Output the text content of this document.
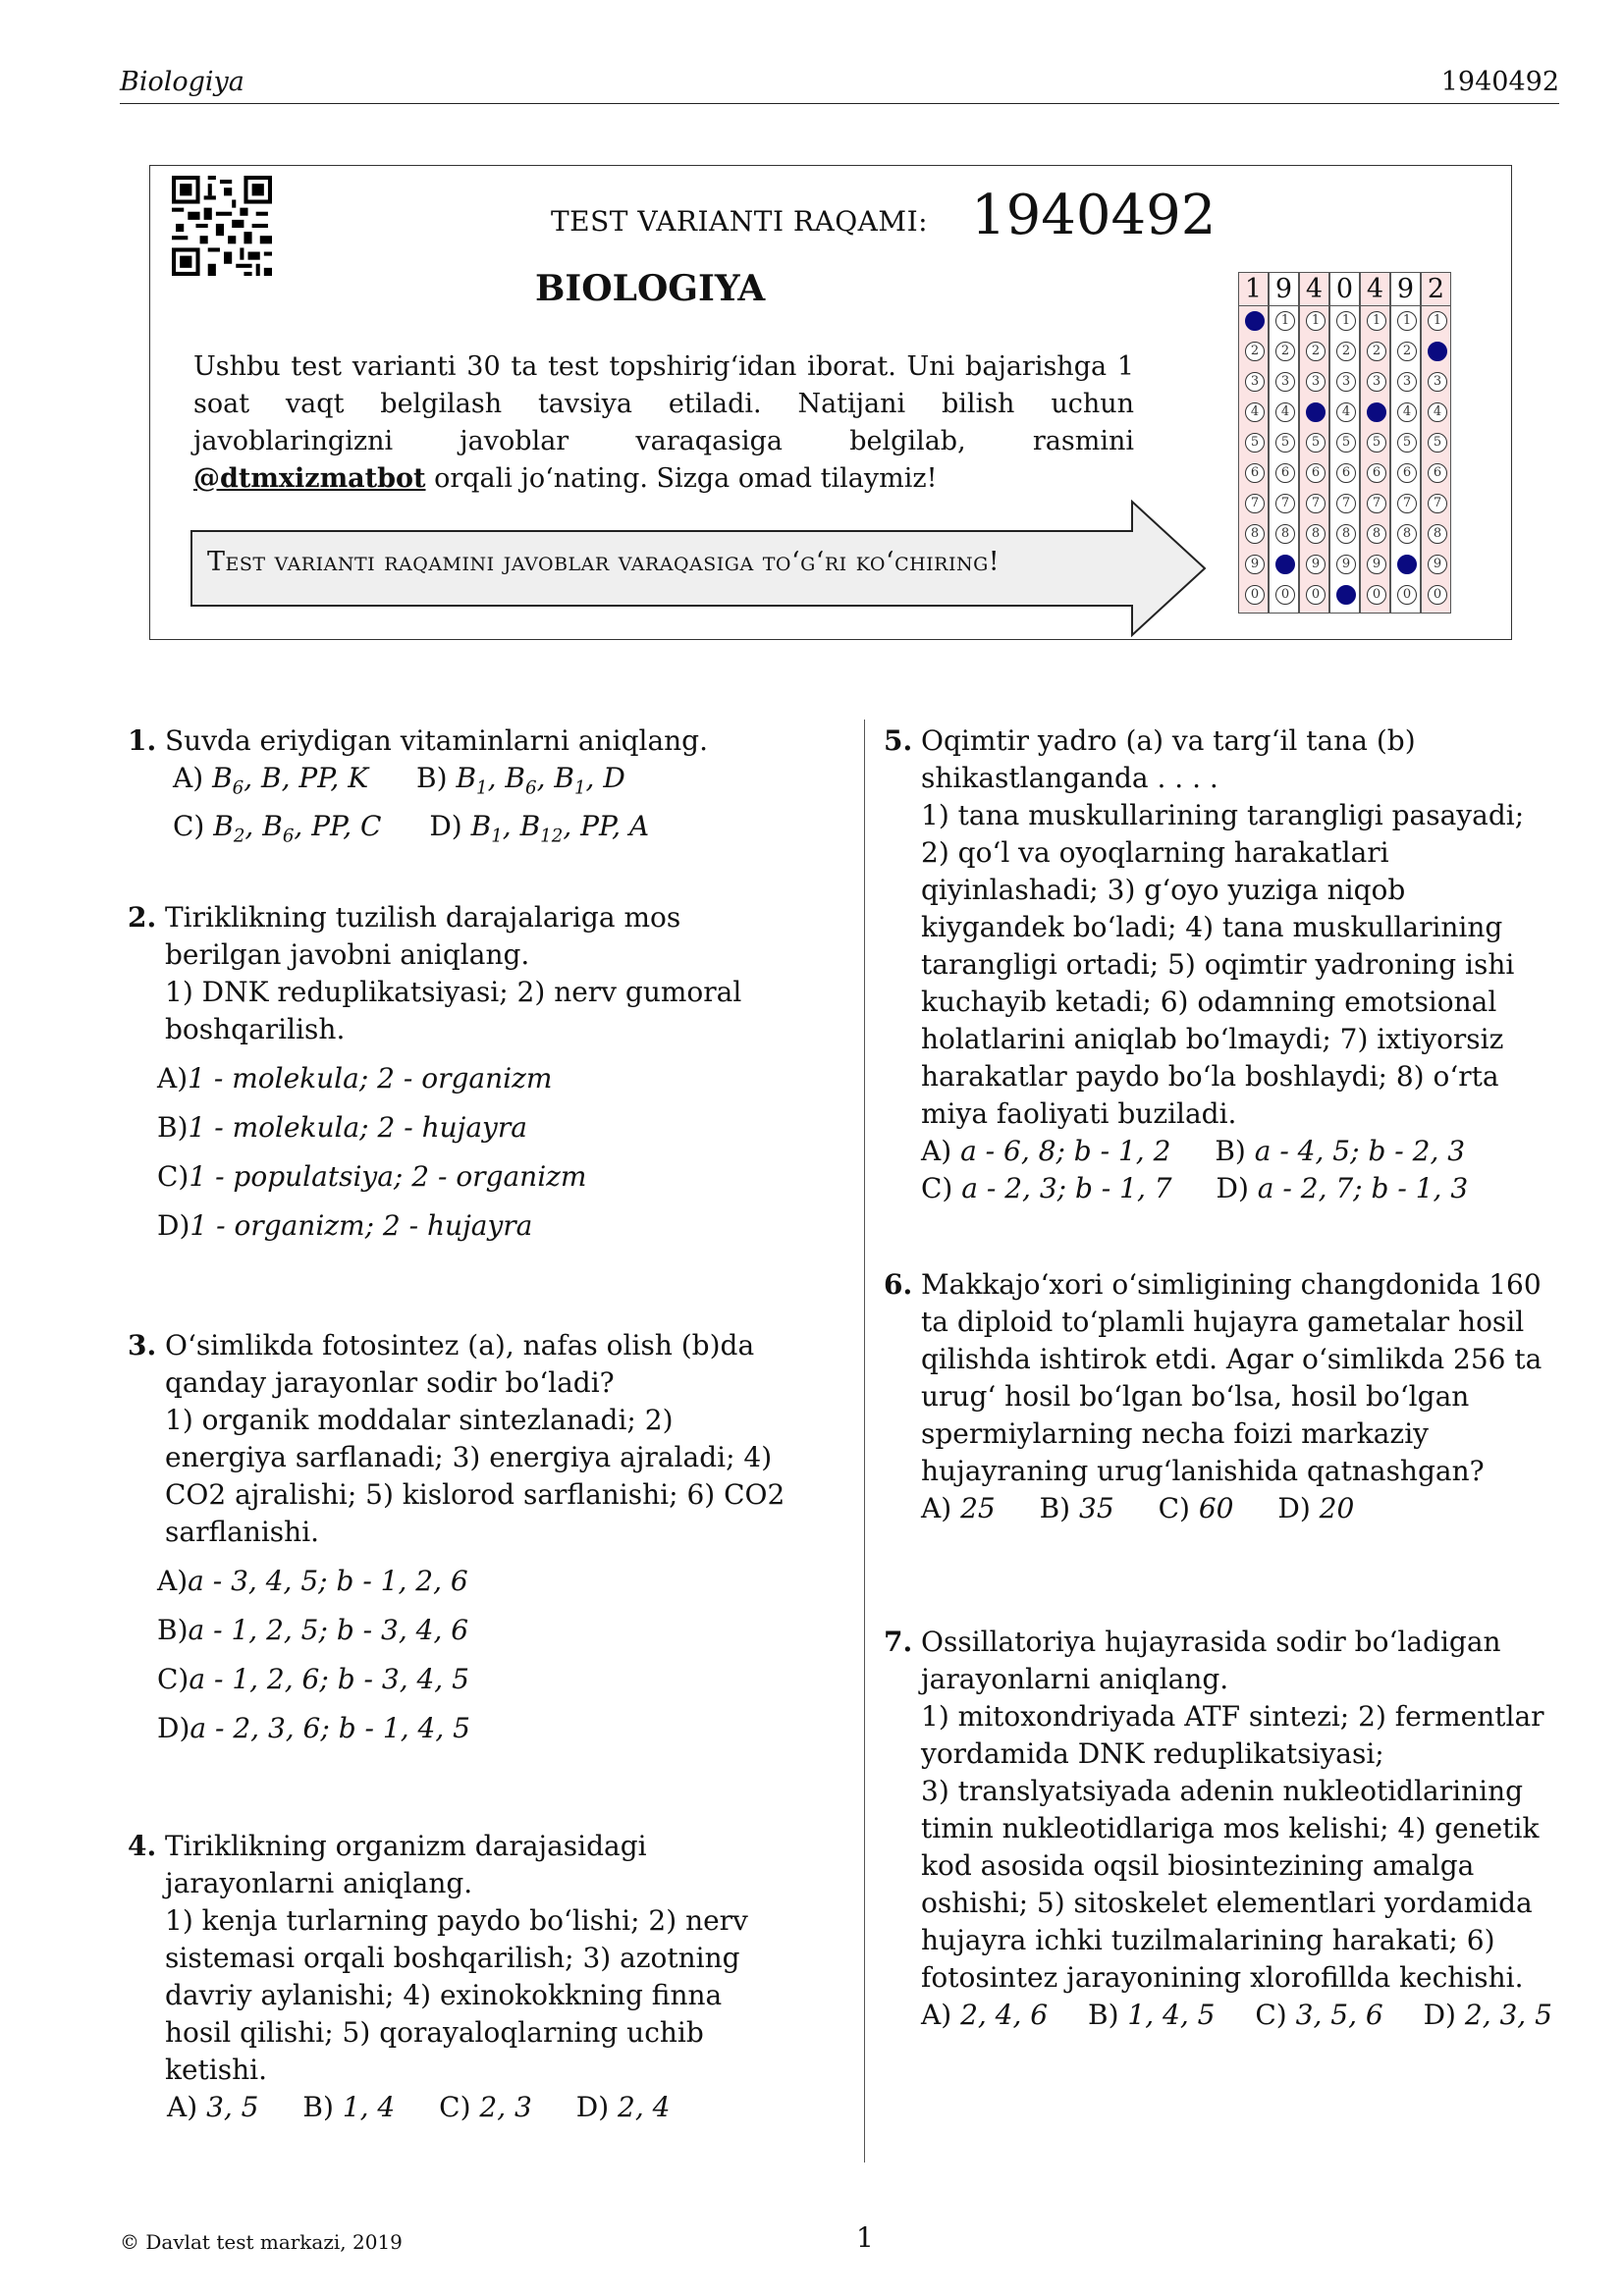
Biologiya	1940492
TEST VARIANTI RAQAMI: 1940492
BIOLOGIYA
Ushbu test varianti 30 ta test topshirig‘idan iborat. Uni bajarishga 1 soat vaqt belgilash tavsiya etiladi. Natijani bilish uchun javoblaringizni javoblar varaqasiga belgilab, rasmini @dtmxizmatbot orqali jo‘nating. Sizga omad tilaymiz!
Test varianti raqamini javoblar varaqasiga to‘g‘ri ko‘chiring!
1
2
3
4
5
6
7
8
9
0
9
1
2
3
4
5
6
7
8
0
4
1
2
3
5
6
7
8
9
0
0
1
2
3
4
5
6
7
8
9
4
1
2
3
5
6
7
8
9
0
9
1
2
3
4
5
6
7
8
0
2
1
3
4
5
6
7
8
9
0
1. Suvda eriydigan vitaminlarni aniqlang.
A) $B_6$, B, PP, K B) $B_1$, $B_6$, $B_1$, D
C) $B_2$, $B_6$, PP, C D) $B_1$, $B_{12}$, PP, A
2. Tiriklikning tuzilish darajalariga mos berilgan javobni aniqlang.
1) DNK reduplikatsiyasi; 2) nerv gumoral boshqarilish.
A)1 - molekula; 2 - organizm
B)1 - molekula; 2 - hujayra
C)1 - populatsiya; 2 - organizm
D)1 - organizm; 2 - hujayra
3. O‘simlikda fotosintez (a), nafas olish (b)da qanday jarayonlar sodir bo‘ladi?
1) organik moddalar sintezlanadi; 2) energiya sarflanadi; 3) energiya ajraladi; 4) CO2 ajralishi; 5) kislorod sarflanishi; 6) CO2 sarflanishi.
A)a - 3, 4, 5; b - 1, 2, 6
B)a - 1, 2, 5; b - 3, 4, 6
C)a - 1, 2, 6; b - 3, 4, 5
D)a - 2, 3, 6; b - 1, 4, 5
4. Tiriklikning organizm darajasidagi jarayonlarni aniqlang.
1) kenja turlarning paydo bo‘lishi; 2) nerv sistemasi orqali boshqarilish; 3) azotning davriy aylanishi; 4) exinokokkning finna hosil qilishi; 5) qorayaloqlarning uchib ketishi.
A) 3, 5 B) 1, 4 C) 2, 3 D) 2, 4
5. Oqimtir yadro (a) va targ‘il tana (b) shikastlanganda . . . .
1) tana muskullarining tarangligi pasayadi; 2) qo‘l va oyoqlarning harakatlari qiyinlashadi; 3) g‘oyo yuziga niqob kiygandek bo‘ladi; 4) tana muskullarining tarangligi ortadi; 5) oqimtir yadroning ishi kuchayib ketadi; 6) odamning emotsional holatlarini aniqlab bo‘lmaydi; 7) ixtiyorsiz harakatlar paydo bo‘la boshlaydi; 8) o‘rta miya faoliyati buziladi.
A) a - 6, 8; b - 1, 2 B) a - 4, 5; b - 2, 3
C) a - 2, 3; b - 1, 7 D) a - 2, 7; b - 1, 3
6. Makkajo‘xori o‘simligining changdonida 160 ta diploid to‘plamli hujayra gametalar hosil qilishda ishtirok etdi. Agar o‘simlikda 256 ta urug‘ hosil bo‘lgan bo‘lsa, hosil bo‘lgan spermiylarning necha foizi markaziy hujayraning urug‘lanishida qatnashgan?
A) 25 B) 35 C) 60 D) 20
7. Ossillatoriya hujayrasida sodir bo‘ladigan jarayonlarni aniqlang.
1) mitoxondriyada ATF sintezi; 2) fermentlar yordamida DNK reduplikatsiyasi;
3) translyatsiyada adenin nukleotidlarining timin nukleotidlariga mos kelishi; 4) genetik kod asosida oqsil biosintezining amalga oshishi; 5) sitoskelet elementlari yordamida hujayra ichki tuzilmalarining harakati; 6) fotosintez jarayonining xlorofillda kechishi.
A) 2, 4, 6 B) 1, 4, 5 C) 3, 5, 6 D) 2, 3, 5
© Davlat test markazi, 2019	1
